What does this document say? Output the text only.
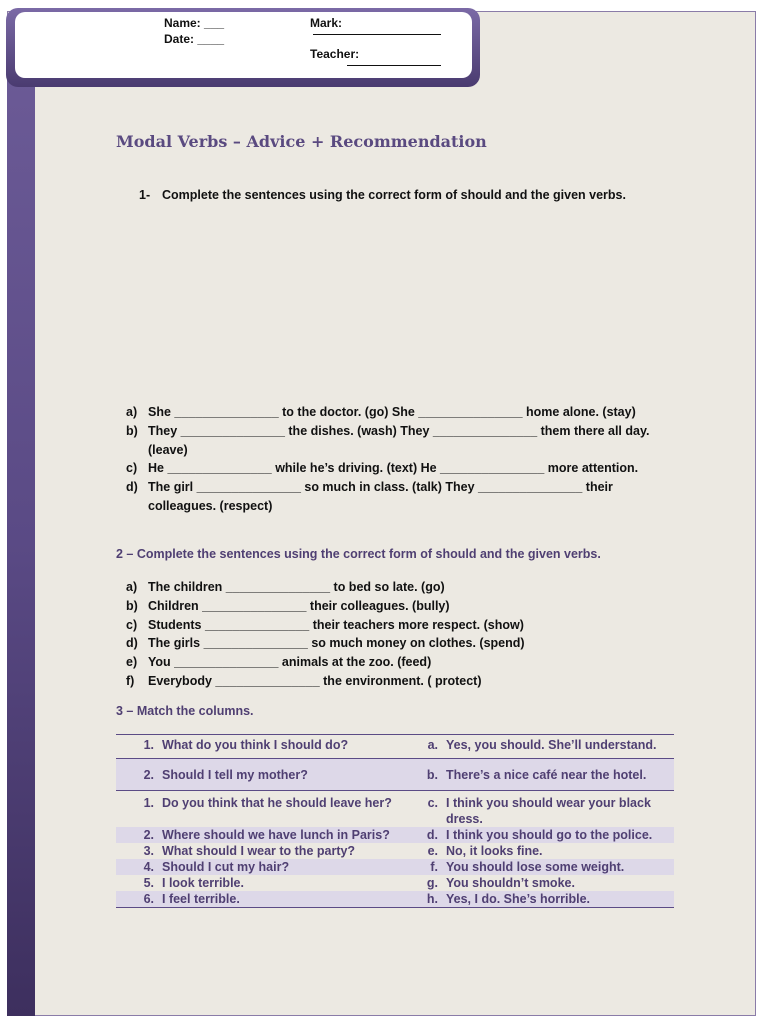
Name: ___
Date: ____
Mark:
Teacher:
Modal Verbs – Advice + Recommendation
1- Complete the sentences using the correct form of should and the given verbs.
a) She _______________ to the doctor. (go) She _______________ home alone. (stay)
b) They _______________ the dishes. (wash) They _______________ them there all day. (leave)
c) He _______________ while he’s driving. (text) He _______________ more attention.
d) The girl _______________ so much in class. (talk) They _______________ their colleagues. (respect)
2 – Complete the sentences using the correct form of should and the given verbs.
a) The children _______________ to bed so late. (go)
b) Children _______________ their colleagues. (bully)
c) Students _______________ their teachers more respect. (show)
d) The girls _______________ so much money on clothes. (spend)
e) You _______________ animals at the zoo. (feed)
f) Everybody _______________ the environment. ( protect)
3 – Match the columns.
1.	What do you think I should do?	a.	Yes, you should. She’ll understand.
2.	Should I tell my mother?	b.	There’s a nice café near the hotel.
1.	Do you think that he should leave her?	c.	I think you should wear your black dress.
2.	Where should we have lunch in Paris?	d.	I think you should go to the police.
3.	What should I wear to the party?	e.	No, it looks fine.
4.	Should I cut my hair?	f.	You should lose some weight.
5.	I look terrible.	g.	You shouldn’t smoke.
6.	I feel terrible.	h.	Yes, I do. She’s horrible.
